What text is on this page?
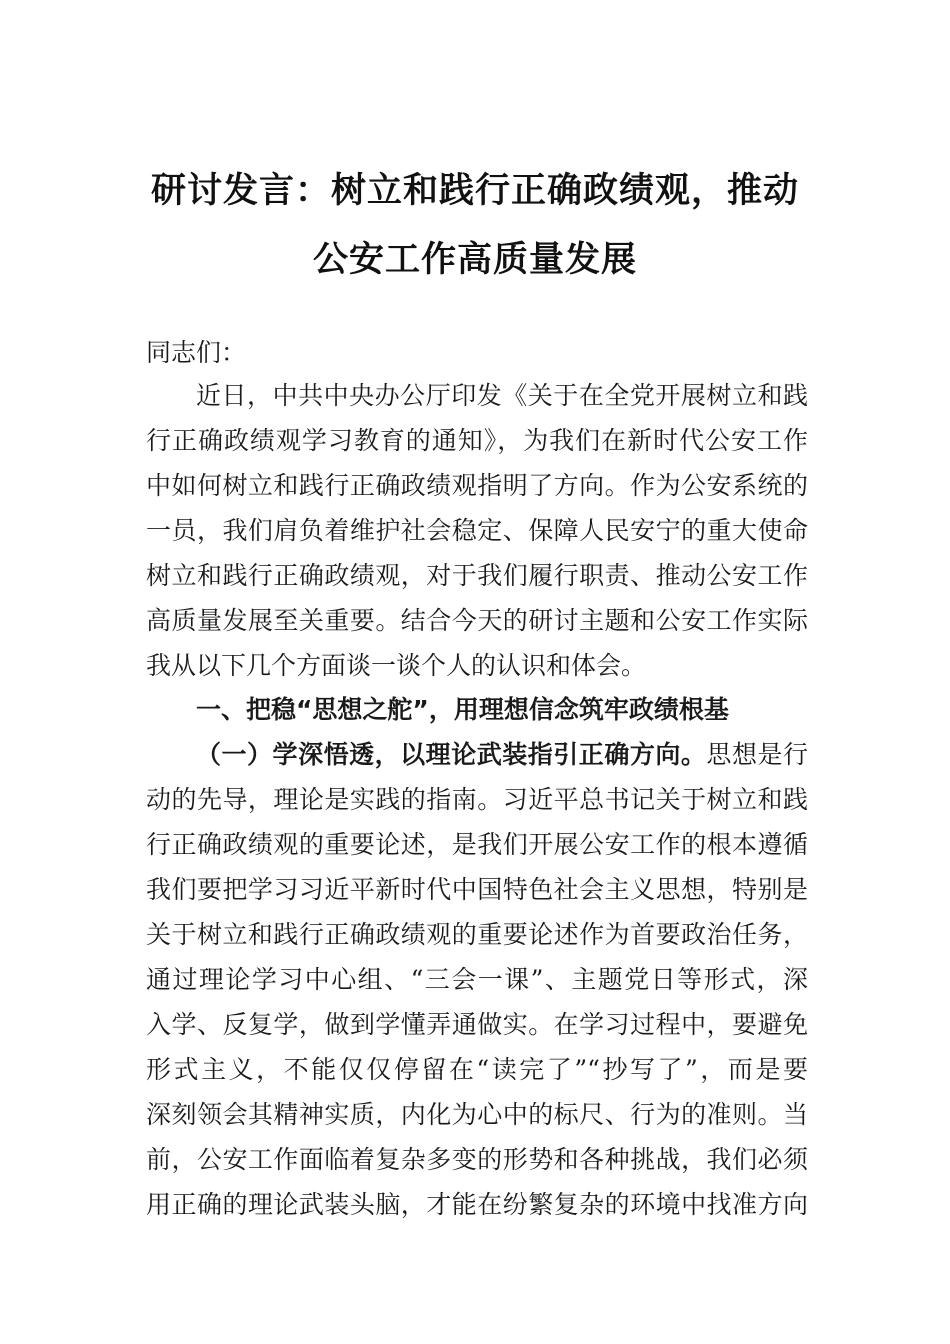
研讨发言：树立和践行正确政绩观，推动
公安工作高质量发展

同志们：

近日，中共中央办公厅印发《关于在全党开展树立和践

行正确政绩观学习教育的通知》，为我们在新时代公安工作

中如何树立和践行正确政绩观指明了方向。作为公安系统的

一员，我们肩负着维护社会稳定、保障人民安宁的重大使命

树立和践行正确政绩观，对于我们履行职责、推动公安工作

高质量发展至关重要。结合今天的研讨主题和公安工作实际

我从以下几个方面谈一谈个人的认识和体会。

一、把稳“思想之舵”，用理想信念筑牢政绩根基

（一）学深悟透，以理论武装指引正确方向。思想是行

动的先导，理论是实践的指南。习近平总书记关于树立和践

行正确政绩观的重要论述，是我们开展公安工作的根本遵循

我们要把学习习近平新时代中国特色社会主义思想，特别是

关于树立和践行正确政绩观的重要论述作为首要政治任务，

通过理论学习中心组、“三会一课”、主题党日等形式，深

入学、反复学，做到学懂弄通做实。在学习过程中，要避免

形式主义，不能仅仅停留在“读完了”“抄写了”，而是要

深刻领会其精神实质，内化为心中的标尺、行为的准则。当

前，公安工作面临着复杂多变的形势和各种挑战，我们必须

用正确的理论武装头脑，才能在纷繁复杂的环境中找准方向
